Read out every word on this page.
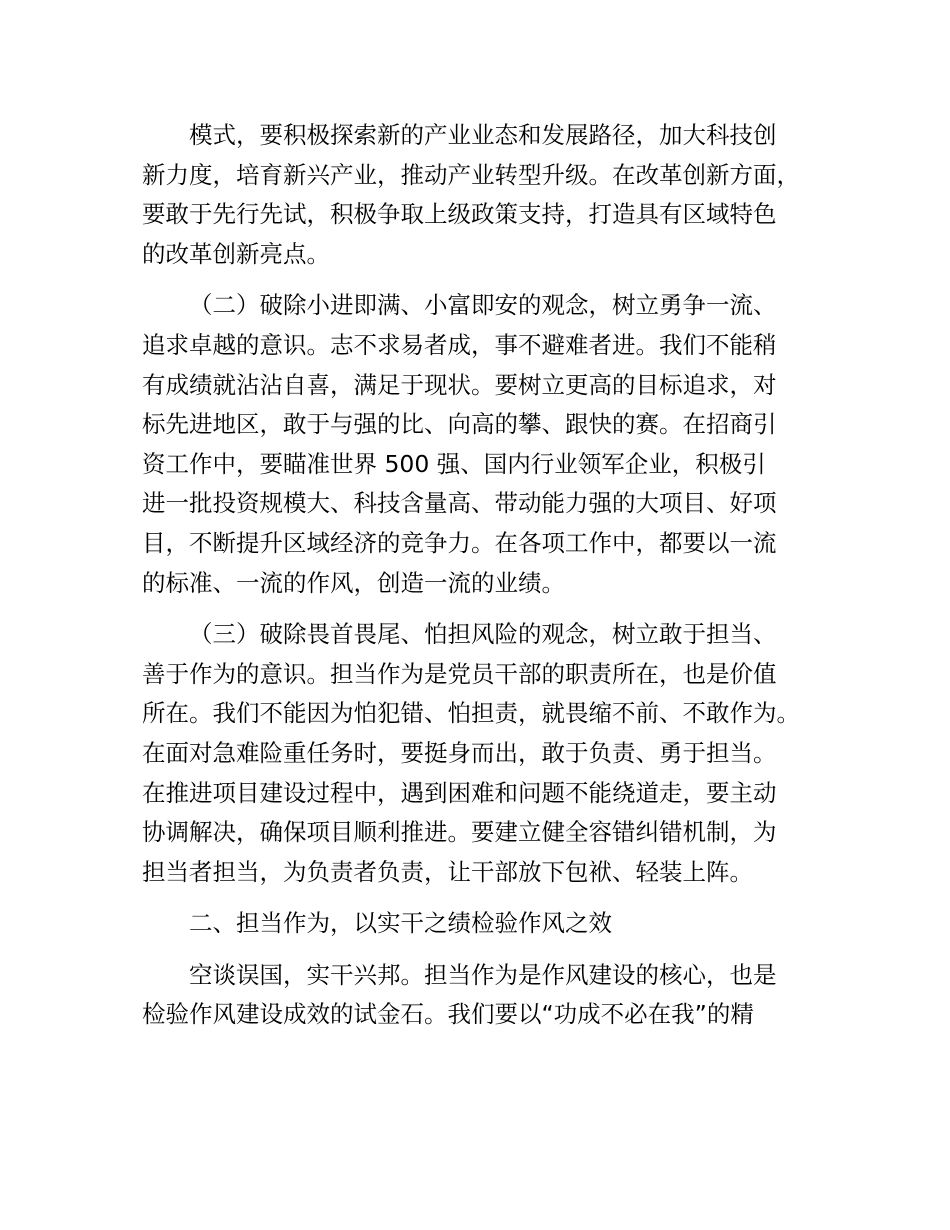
模式，要积极探索新的产业业态和发展路径，加大科技创
新力度，培育新兴产业，推动产业转型升级。在改革创新方面，
要敢于先行先试，积极争取上级政策支持，打造具有区域特色
的改革创新亮点。
（二）破除小进即满、小富即安的观念，树立勇争一流、
追求卓越的意识。志不求易者成，事不避难者进。我们不能稍
有成绩就沾沾自喜，满足于现状。要树立更高的目标追求，对
标先进地区，敢于与强的比、向高的攀、跟快的赛。在招商引
资工作中，要瞄准世界 500 强、国内行业领军企业，积极引
进一批投资规模大、科技含量高、带动能力强的大项目、好项
目，不断提升区域经济的竞争力。在各项工作中，都要以一流
的标准、一流的作风，创造一流的业绩。
（三）破除畏首畏尾、怕担风险的观念，树立敢于担当、
善于作为的意识。担当作为是党员干部的职责所在，也是价值
所在。我们不能因为怕犯错、怕担责，就畏缩不前、不敢作为。
在面对急难险重任务时，要挺身而出，敢于负责、勇于担当。
在推进项目建设过程中，遇到困难和问题不能绕道走，要主动
协调解决，确保项目顺利推进。要建立健全容错纠错机制，为
担当者担当，为负责者负责，让干部放下包袱、轻装上阵。
二、担当作为，以实干之绩检验作风之效
空谈误国，实干兴邦。担当作为是作风建设的核心，也是
检验作风建设成效的试金石。我们要以“功成不必在我”的精
